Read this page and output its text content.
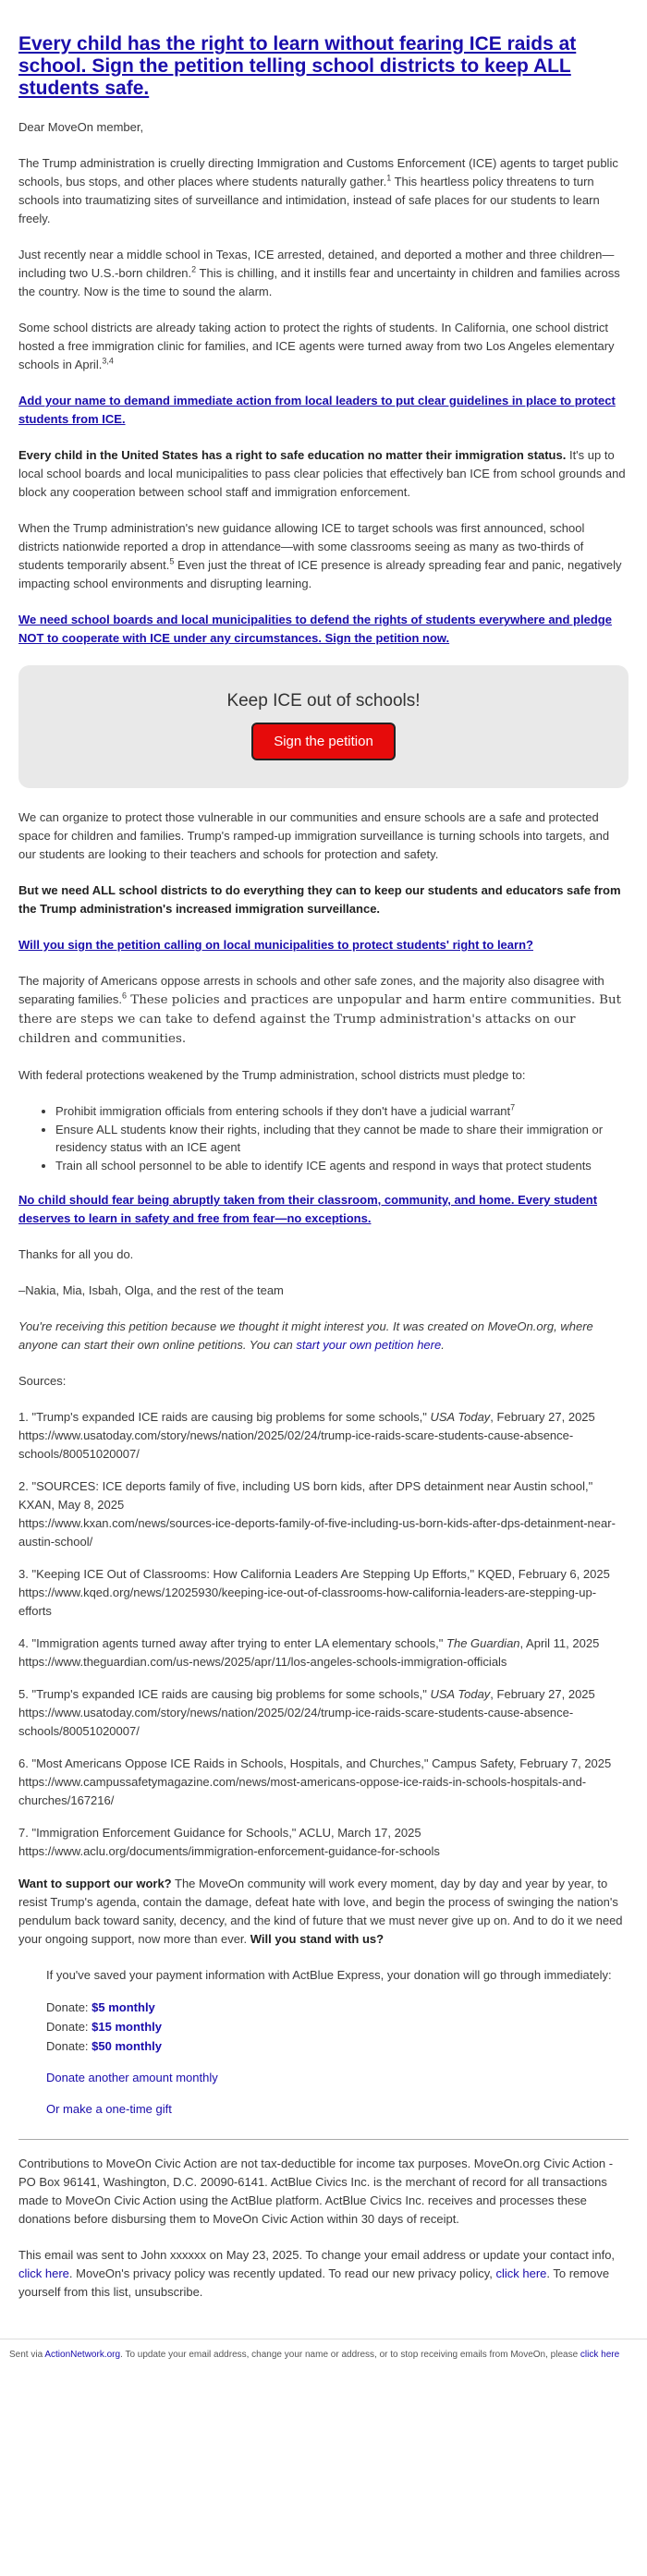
Every child has the right to learn without fearing ICE raids at school. Sign the petition telling school districts to keep ALL students safe.

Dear MoveOn member,

The Trump administration is cruelly directing Immigration and Customs Enforcement (ICE) agents to target public schools, bus stops, and other places where students naturally gather.$^1$ This heartless policy threatens to turn schools into traumatizing sites of surveillance and intimidation, instead of safe places for our students to learn freely.

Just recently near a middle school in Texas, ICE arrested, detained, and deported a mother and three children—including two U.S.-born children.$^2$ This is chilling, and it instills fear and uncertainty in children and families across the country. Now is the time to sound the alarm.

Some school districts are already taking action to protect the rights of students. In California, one school district hosted a free immigration clinic for families, and ICE agents were turned away from two Los Angeles elementary schools in April.$^{3,4}$

Add your name to demand immediate action from local leaders to put clear guidelines in place to protect students from ICE.

Every child in the United States has a right to safe education no matter their immigration status. It's up to local school boards and local municipalities to pass clear policies that effectively ban ICE from school grounds and block any cooperation between school staff and immigration enforcement.

When the Trump administration's new guidance allowing ICE to target schools was first announced, school districts nationwide reported a drop in attendance—with some classrooms seeing as many as two-thirds of students temporarily absent.$^5$ Even just the threat of ICE presence is already spreading fear and panic, negatively impacting school environments and disrupting learning.

We need school boards and local municipalities to defend the rights of students everywhere and pledge NOT to cooperate with ICE under any circumstances. Sign the petition now.

Keep ICE out of schools!
Sign the petition

We can organize to protect those vulnerable in our communities and ensure schools are a safe and protected space for children and families. Trump's ramped-up immigration surveillance is turning schools into targets, and our students are looking to their teachers and schools for protection and safety.

But we need ALL school districts to do everything they can to keep our students and educators safe from the Trump administration's increased immigration surveillance.

Will you sign the petition calling on local municipalities to protect students' right to learn?

The majority of Americans oppose arrests in schools and other safe zones, and the majority also disagree with separating families.$^6$ These policies and practices are unpopular and harm entire communities. But there are steps we can take to defend against the Trump administration's attacks on our children and communities.

With federal protections weakened by the Trump administration, school districts must pledge to:

• Prohibit immigration officials from entering schools if they don't have a judicial warrant$^7$
• Ensure ALL students know their rights, including that they cannot be made to share their immigration or residency status with an ICE agent
• Train all school personnel to be able to identify ICE agents and respond in ways that protect students

No child should fear being abruptly taken from their classroom, community, and home. Every student deserves to learn in safety and free from fear—no exceptions.

Thanks for all you do.

–Nakia, Mia, Isbah, Olga, and the rest of the team

You're receiving this petition because we thought it might interest you. It was created on MoveOn.org, where anyone can start their own online petitions. You can start your own petition here.

Sources:

1. "Trump's expanded ICE raids are causing big problems for some schools," USA Today, February 27, 2025
https://www.usatoday.com/story/news/nation/2025/02/24/trump-ice-raids-scare-students-cause-absence-schools/80051020007/

2. "SOURCES: ICE deports family of five, including US born kids, after DPS detainment near Austin school," KXAN, May 8, 2025
https://www.kxan.com/news/sources-ice-deports-family-of-five-including-us-born-kids-after-dps-detainment-near-austin-school/

3. "Keeping ICE Out of Classrooms: How California Leaders Are Stepping Up Efforts," KQED, February 6, 2025
https://www.kqed.org/news/12025930/keeping-ice-out-of-classrooms-how-california-leaders-are-stepping-up-efforts

4. "Immigration agents turned away after trying to enter LA elementary schools," The Guardian, April 11, 2025
https://www.theguardian.com/us-news/2025/apr/11/los-angeles-schools-immigration-officials

5. "Trump's expanded ICE raids are causing big problems for some schools," USA Today, February 27, 2025
https://www.usatoday.com/story/news/nation/2025/02/24/trump-ice-raids-scare-students-cause-absence-schools/80051020007/

6. "Most Americans Oppose ICE Raids in Schools, Hospitals, and Churches," Campus Safety, February 7, 2025
https://www.campussafetymagazine.com/news/most-americans-oppose-ice-raids-in-schools-hospitals-and-churches/167216/

7. "Immigration Enforcement Guidance for Schools," ACLU, March 17, 2025
https://www.aclu.org/documents/immigration-enforcement-guidance-for-schools

Want to support our work? The MoveOn community will work every moment, day by day and year by year, to resist Trump's agenda, contain the damage, defeat hate with love, and begin the process of swinging the nation's pendulum back toward sanity, decency, and the kind of future that we must never give up on. And to do it we need your ongoing support, now more than ever. Will you stand with us?

If you've saved your payment information with ActBlue Express, your donation will go through immediately:

Donate: $5 monthly
Donate: $15 monthly
Donate: $50 monthly

Donate another amount monthly

Or make a one-time gift

Contributions to MoveOn Civic Action are not tax-deductible for income tax purposes. MoveOn.org Civic Action - PO Box 96141, Washington, D.C. 20090-6141. ActBlue Civics Inc. is the merchant of record for all transactions made to MoveOn Civic Action using the ActBlue platform. ActBlue Civics Inc. receives and processes these donations before disbursing them to MoveOn Civic Action within 30 days of receipt.

This email was sent to John xxxxxx on May 23, 2025. To change your email address or update your contact info, click here. MoveOn's privacy policy was recently updated. To read our new privacy policy, click here. To remove yourself from this list, unsubscribe.

Sent via ActionNetwork.org. To update your email address, change your name or address, or to stop receiving emails from MoveOn, please click here
